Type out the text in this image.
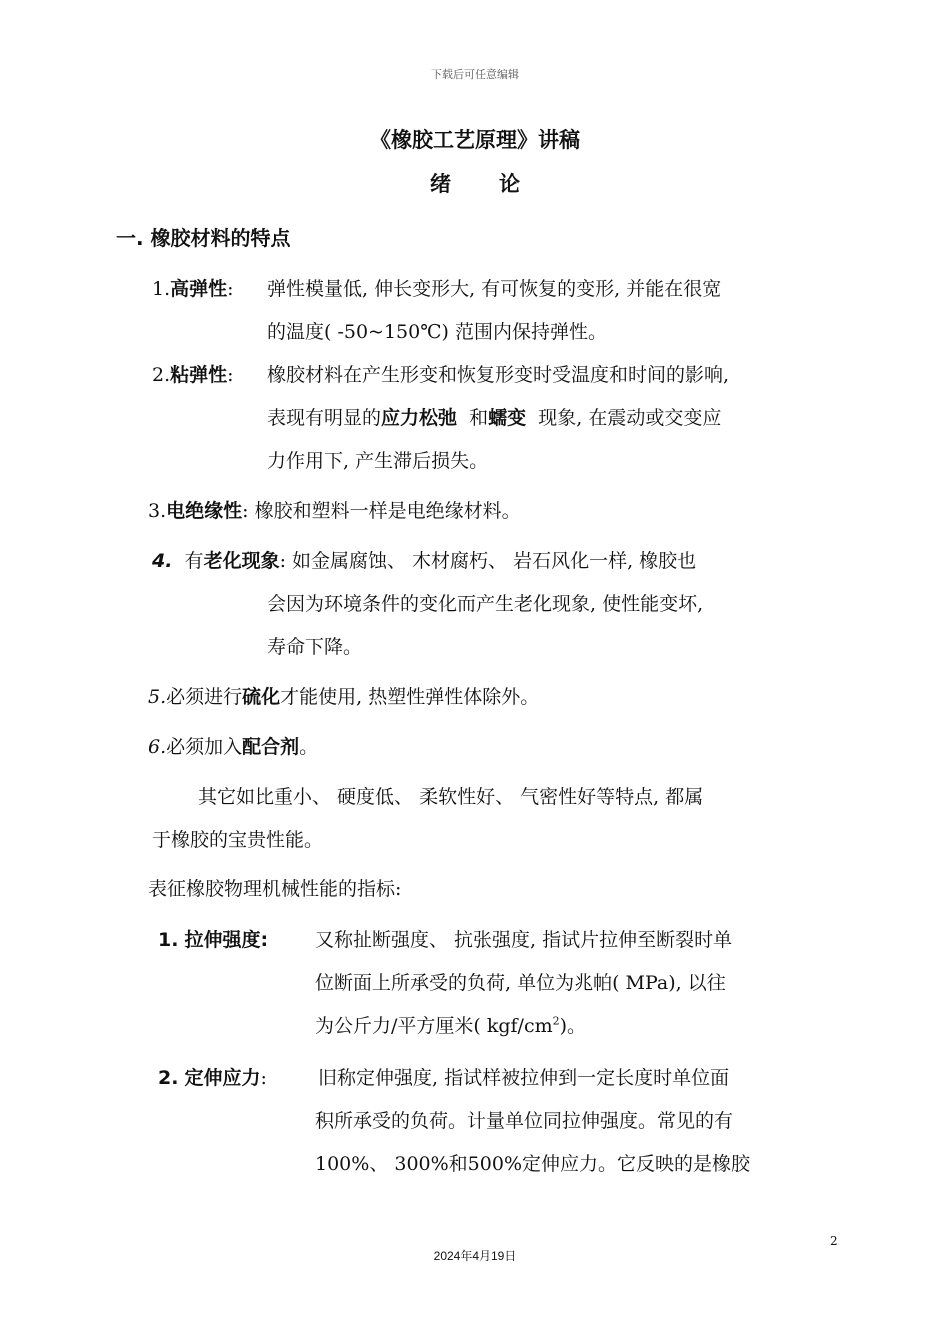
下载后可任意编辑
《橡胶工艺原理》讲稿
绪论
一. 橡胶材料的特点
1.高弹性: 弹性模量低, 伸长变形大, 有可恢复的变形, 并能在很宽
的温度( -50~150℃) 范围内保持弹性。
2.粘弹性: 橡胶材料在产生形变和恢复形变时受温度和时间的影响,
表现有明显的应力松弛 和蠕变 现象, 在震动或交变应
力作用下, 产生滞后损失。
3.电绝缘性: 橡胶和塑料一样是电绝缘材料。
4. 有老化现象: 如金属腐蚀、 木材腐朽、 岩石风化一样, 橡胶也
会因为环境条件的变化而产生老化现象, 使性能变坏,
寿命下降。
5.必须进行硫化才能使用, 热塑性弹性体除外。
6.必须加入配合剂。
其它如比重小、 硬度低、 柔软性好、 气密性好等特点, 都属
于橡胶的宝贵性能。
表征橡胶物理机械性能的指标:
1. 拉伸强度: 又称扯断强度、 抗张强度, 指试片拉伸至断裂时单
位断面上所承受的负荷, 单位为兆帕( MPa), 以往
为公斤力/平方厘米( kgf/$cm^2$)。
2. 定伸应力:	旧称定伸强度, 指试样被拉伸到一定长度时单位面
积所承受的负荷。计量单位同拉伸强度。常见的有
100%、 300%和500%定伸应力。它反映的是橡胶
2
2024年4月19日
